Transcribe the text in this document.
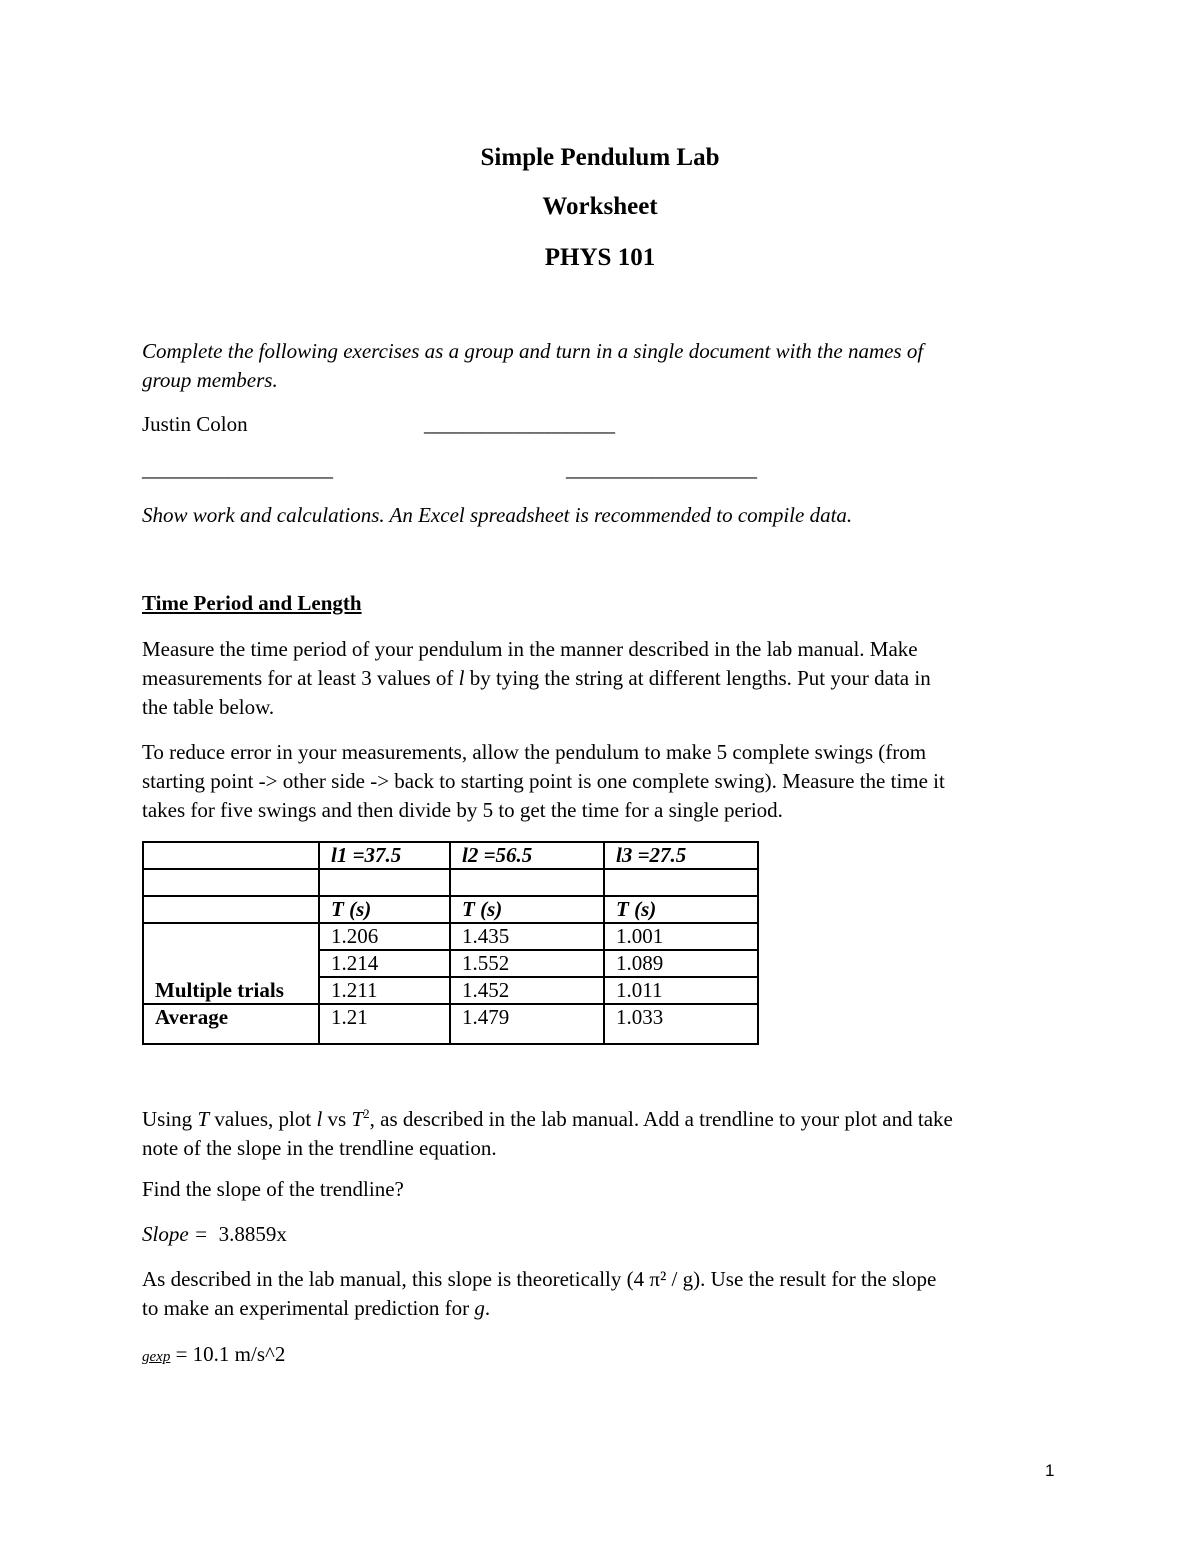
Simple Pendulum Lab
Worksheet
PHYS 101
Complete the following exercises as a group and turn in a single document with the names of
group members.
Justin Colon	____________________
____________________	____________________
Show work and calculations. An Excel spreadsheet is recommended to compile data.
Time Period and Length
Measure the time period of your pendulum in the manner described in the lab manual. Make
measurements for at least 3 values of l by tying the string at different lengths. Put your data in
the table below.
To reduce error in your measurements, allow the pendulum to make 5 complete swings (from
starting point -> other side -> back to starting point is one complete swing). Measure the time it
takes for five swings and then divide by 5 to get the time for a single period.
	l1 =37.5	l2 =56.5	l3 =27.5

	T (s)	T (s)	T (s)
Multiple trials	1.206	1.435	1.001
	1.214	1.552	1.089
	1.211	1.452	1.011
Average	1.21	1.479	1.033
Using T values, plot l vs $T^2$, as described in the lab manual. Add a trendline to your plot and take
note of the slope in the trendline equation.
Find the slope of the trendline?
Slope = 3.8859x
As described in the lab manual, this slope is theoretically (4 π² / g). Use the result for the slope
to make an experimental prediction for g.
gexp = 10.1 m/s^2
1
